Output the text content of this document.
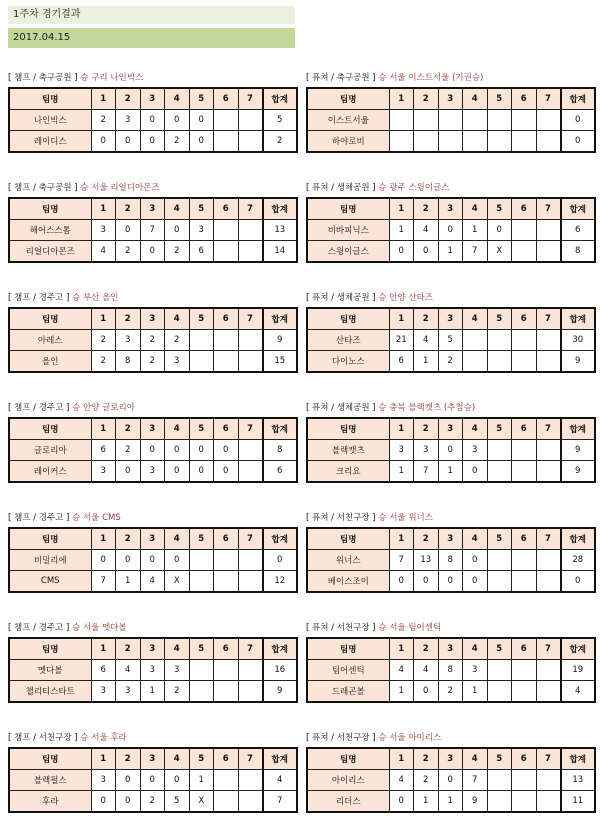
1주차 경기결과
2017.04.15
[ 챔프 / 축구공원 ] 승 구리 나인빅스
팀명	1	2	3	4	5	6	7	합계
나인빅스	2	3	0	0	0			5
레이디스	0	0	0	2	0			2
[ 퓨쳐 / 축구공원 ] 승 서울 이스트서울 (기권승)
팀명	1	2	3	4	5	6	7	합계
이스트서울								0
하야로비								0
[ 챔프 / 축구공원 ] 승 서울 리얼디아몬즈
팀명	1	2	3	4	5	6	7	합계
해어스스톰	3	0	7	0	3			13
리얼디아몬즈	4	2	0	2	6			14
[ 퓨쳐 / 생체공원 ] 승 광주 스윙이글스
팀명	1	2	3	4	5	6	7	합계
비바피닉스	1	4	0	1	0			6
스윙이글스	0	0	1	7	X			8
[ 챔프 / 경주고 ] 승 부산 올인
팀명	1	2	3	4	5	6	7	합계
아레스	2	3	2	2				9
올인	2	8	2	3				15
[ 퓨쳐 / 생체공원 ] 승 안양 산타즈
팀명	1	2	3	4	5	6	7	합계
산타즈	21	4	5					30
다이노스	6	1	2					9
[ 챔프 / 경주고 ] 승 안양 글로리아
팀명	1	2	3	4	5	6	7	합계
글로리아	6	2	0	0	0	0		8
레이커스	3	0	3	0	0	0		6
[ 퓨쳐 / 생체공원 ] 승 충북 블랙캣츠 (추첨승)
팀명	1	2	3	4	5	6	7	합계
블랙캣츠	3	3	0	3				9
크리요	1	7	1	0				9
[ 챔프 / 경주고 ] 승 서울 CMS
팀명	1	2	3	4	5	6	7	합계
비밀리에	0	0	0	0				0
CMS	7	1	4	X				12
[ 퓨쳐 / 서천구장 ] 승 서울 위너스
팀명	1	2	3	4	5	6	7	합계
위너스	7	13	8	0				28
베이스조이	0	0	0	0				0
[ 챔프 / 경주고 ] 승 서울 멧다볼
팀명	1	2	3	4	5	6	7	합계
멧다볼	6	4	3	3				16
챌리티스타트	3	3	1	2				9
[ 퓨쳐 / 서천구장 ] 승 서울 팀어센틱
팀명	1	2	3	4	5	6	7	합계
팀어센틱	4	4	8	3				19
드래곤볼	1	0	2	1				4
[ 챔프 / 서천구장 ] 승 서울 후라
팀명	1	2	3	4	5	6	7	합계
블랙펄스	3	0	0	0	1			4
후라	0	0	2	5	X			7
[ 퓨쳐 / 서천구장 ] 승 서울 아이리스
팀명	1	2	3	4	5	6	7	합계
아이리스	4	2	0	7				13
리더스	0	1	1	9				11
